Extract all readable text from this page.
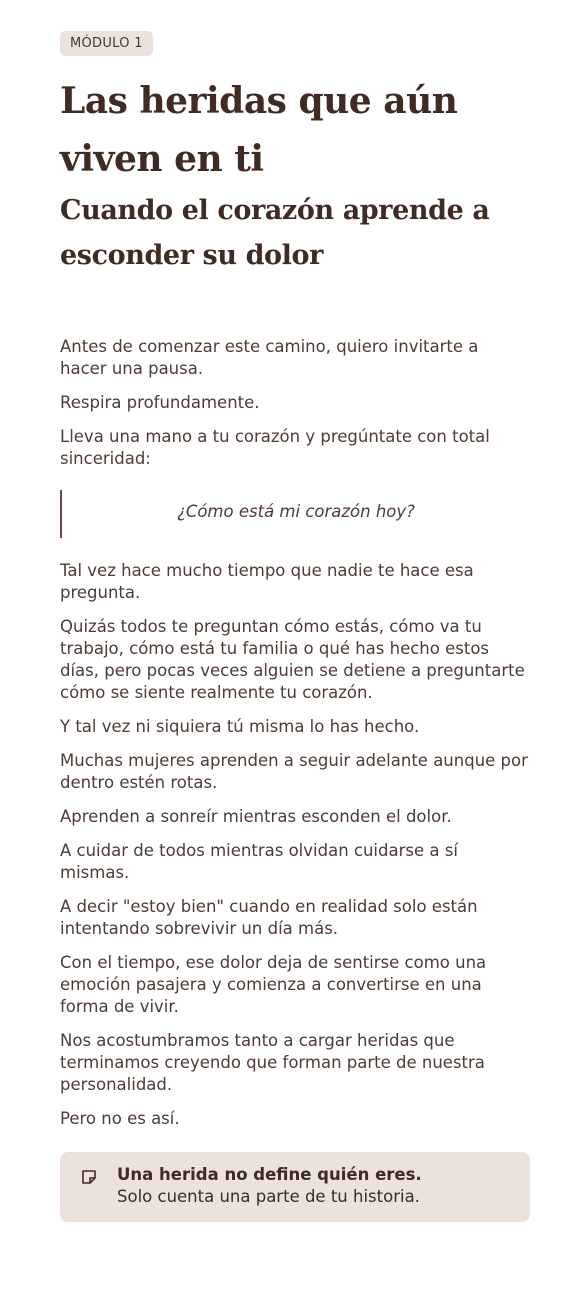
MÓDULO 1
Las heridas que aún viven en ti
Cuando el corazón aprende a esconder su dolor

Antes de comenzar este camino, quiero invitarte a hacer una pausa.

Respira profundamente.

Lleva una mano a tu corazón y pregúntate con total sinceridad:

¿Cómo está mi corazón hoy?

Tal vez hace mucho tiempo que nadie te hace esa pregunta.

Quizás todos te preguntan cómo estás, cómo va tu trabajo, cómo está tu familia o qué has hecho estos días, pero pocas veces alguien se detiene a preguntarte cómo se siente realmente tu corazón.

Y tal vez ni siquiera tú misma lo has hecho.

Muchas mujeres aprenden a seguir adelante aunque por dentro estén rotas.

Aprenden a sonreír mientras esconden el dolor.

A cuidar de todos mientras olvidan cuidarse a sí mismas.

A decir "estoy bien" cuando en realidad solo están intentando sobrevivir un día más.

Con el tiempo, ese dolor deja de sentirse como una emoción pasajera y comienza a convertirse en una forma de vivir.

Nos acostumbramos tanto a cargar heridas que terminamos creyendo que forman parte de nuestra personalidad.

Pero no es así.

Una herida no define quién eres.
Solo cuenta una parte de tu historia.
